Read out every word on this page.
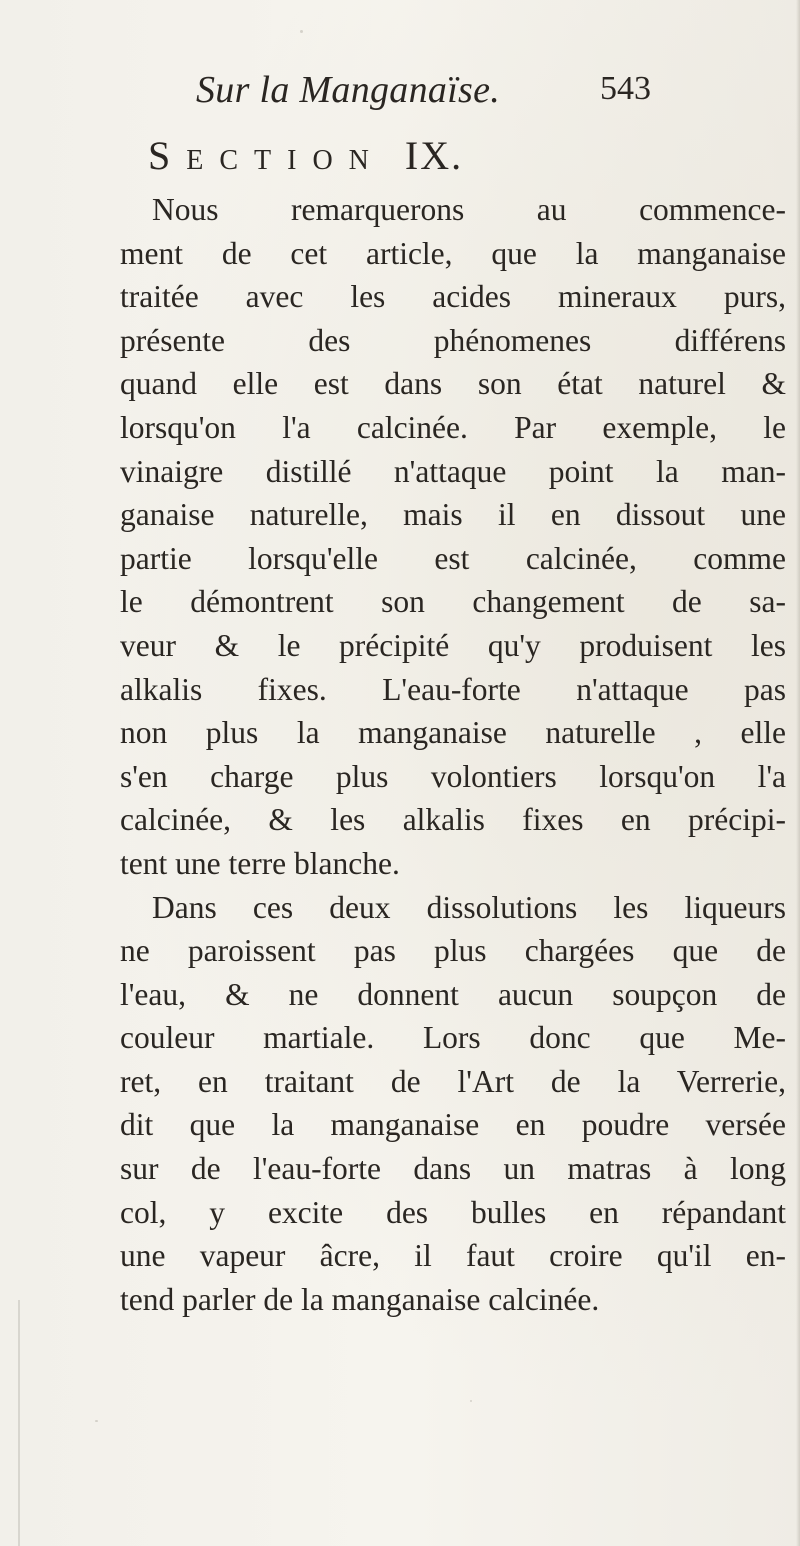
Sur la Manganaïse.	543
Section IX.
Nous remarquerons au commence-
ment de cet article, que la manganaise
traitée avec les acides mineraux purs,
présente des phénomenes différens
quand elle est dans son état naturel &
lorsqu'on l'a calcinée. Par exemple, le
vinaigre distillé n'attaque point la man-
ganaise naturelle, mais il en dissout une
partie lorsqu'elle est calcinée, comme
le démontrent son changement de sa-
veur & le précipité qu'y produisent les
alkalis fixes. L'eau-forte n'attaque pas
non plus la manganaise naturelle , elle
s'en charge plus volontiers lorsqu'on l'a
calcinée, & les alkalis fixes en précipi-
tent une terre blanche.
Dans ces deux dissolutions les liqueurs
ne paroissent pas plus chargées que de
l'eau, & ne donnent aucun soupçon de
couleur martiale. Lors donc que Me-
ret, en traitant de l'Art de la Verrerie,
dit que la manganaise en poudre versée
sur de l'eau-forte dans un matras à long
col, y excite des bulles en répandant
une vapeur âcre, il faut croire qu'il en-
tend parler de la manganaise calcinée.
